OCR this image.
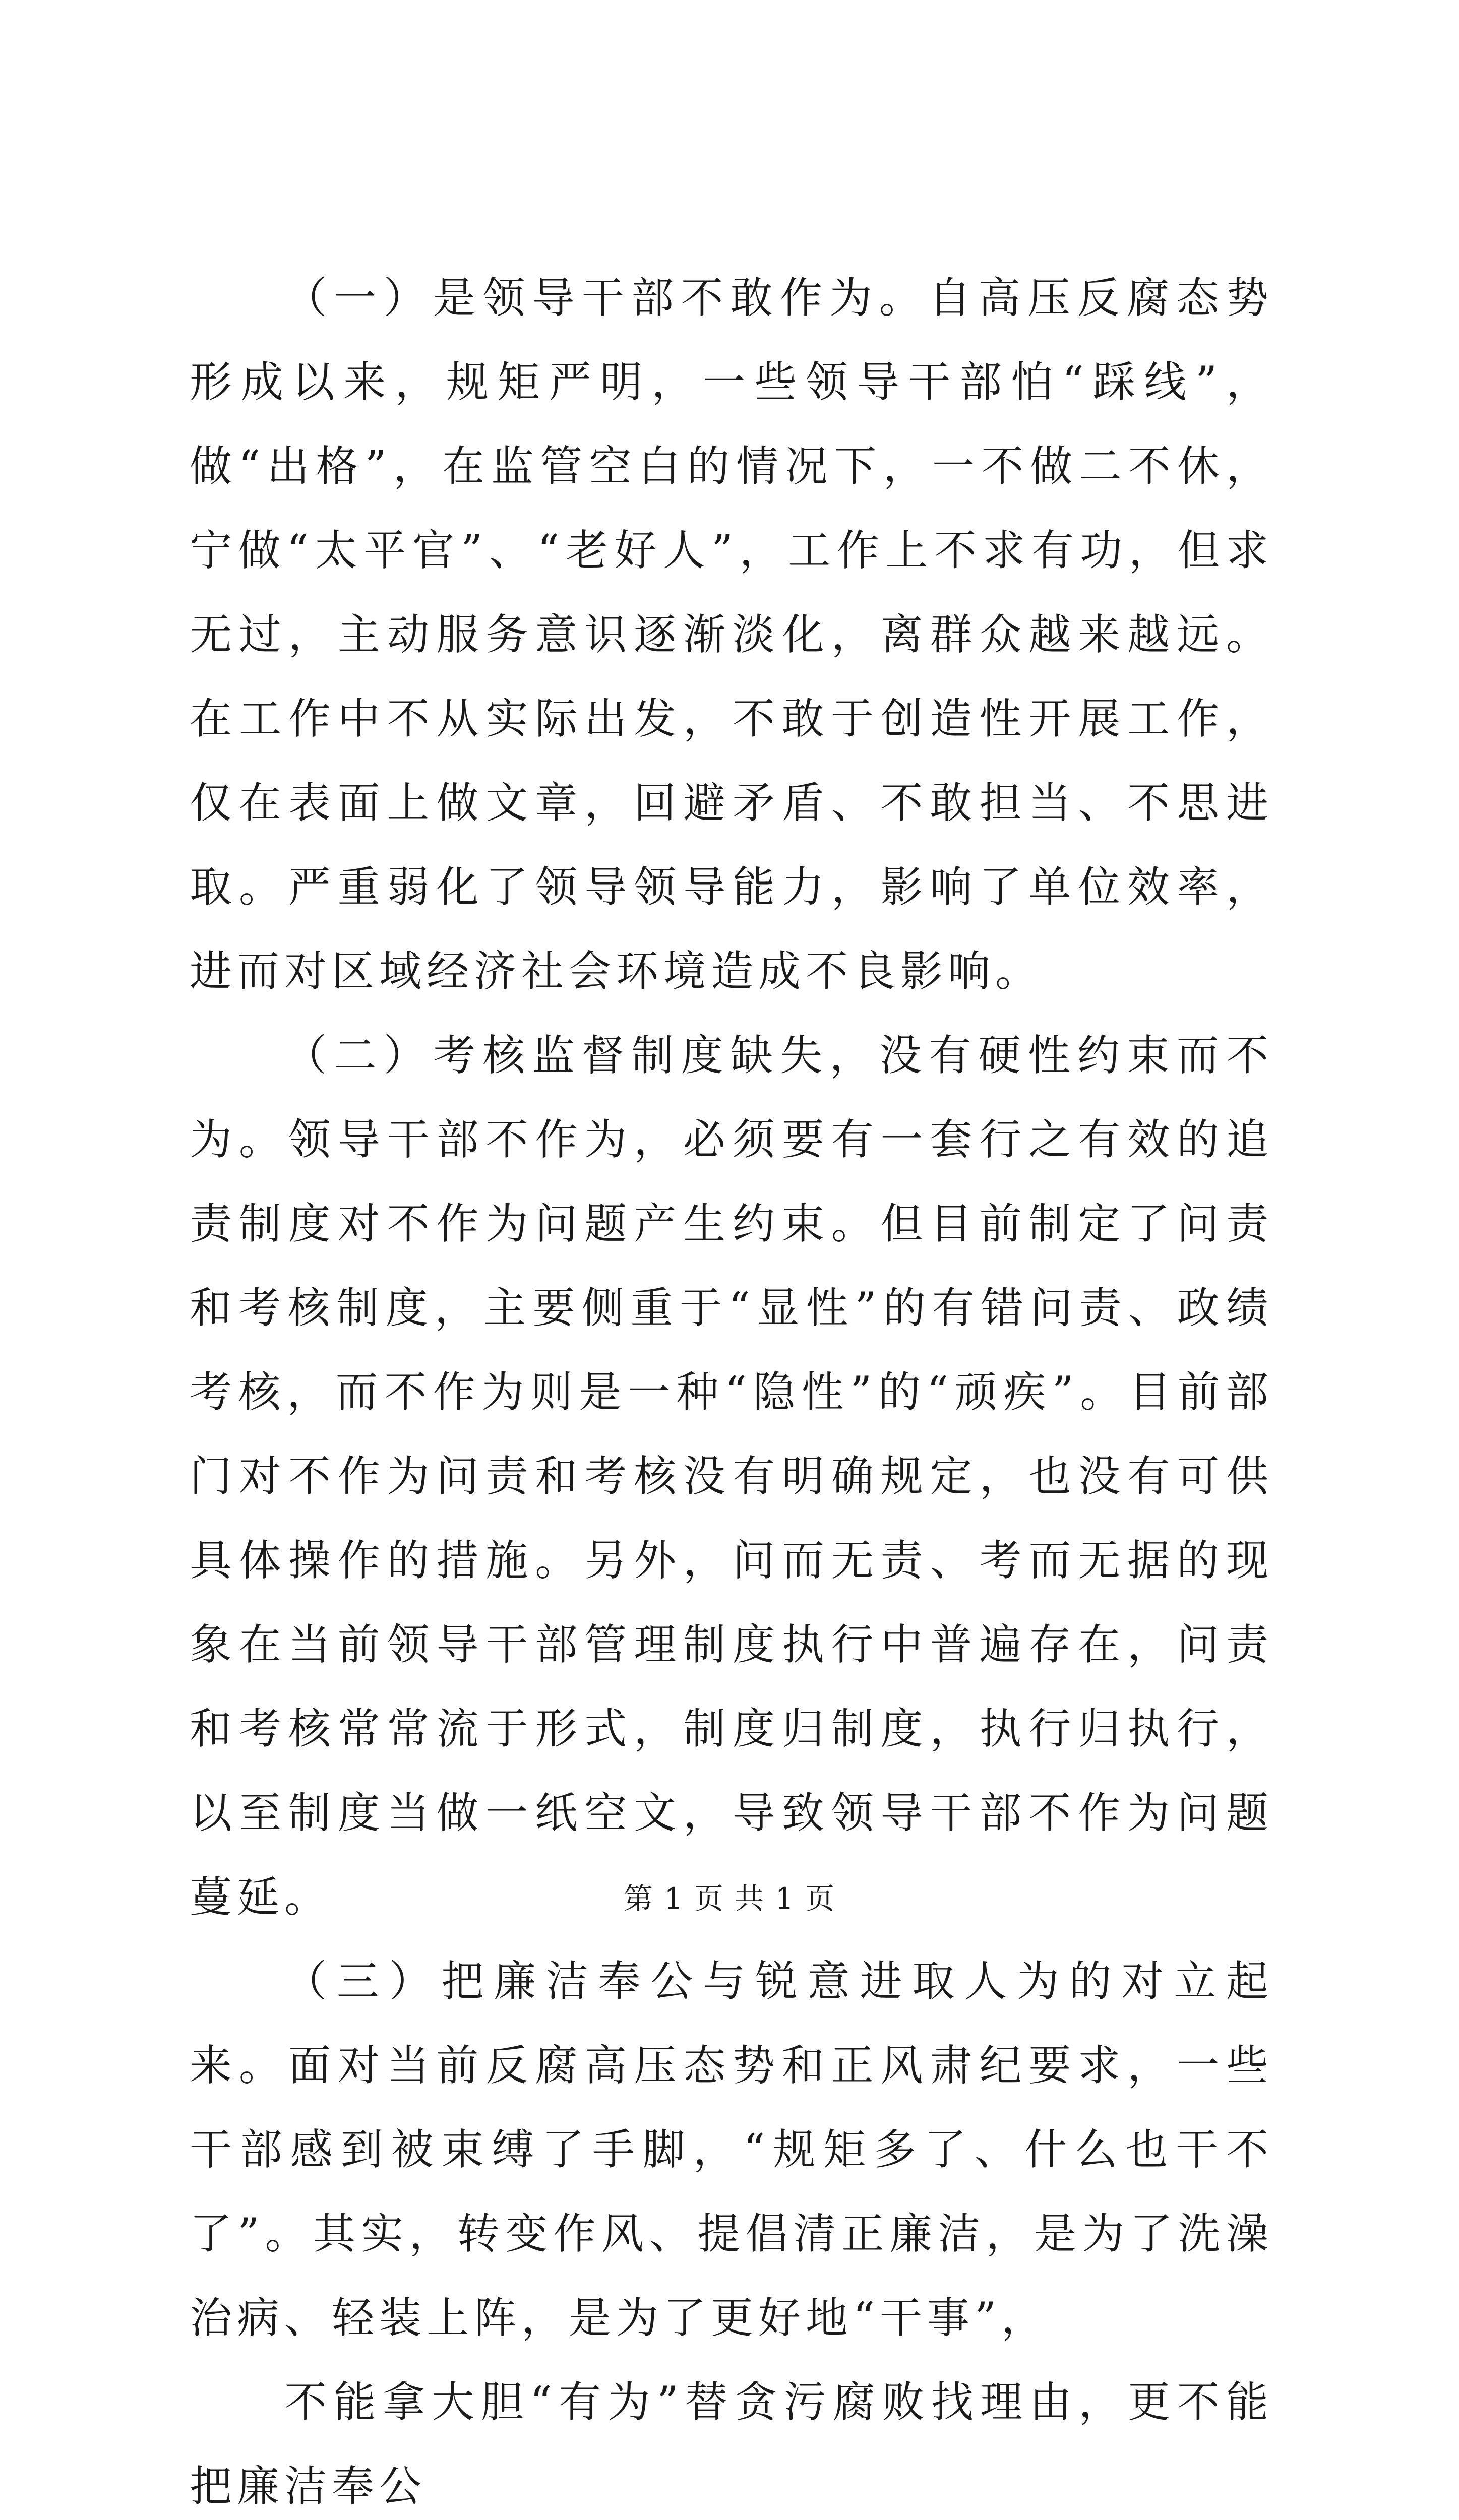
（一）是领导干部不敢作为。自高压反腐态势形成以来，规矩严明，一些领导干部怕“踩线”，做“出格”，在监管空白的情况下，一不做二不休，宁做“太平官”、“老好人”，工作上不求有功，但求无过，主动服务意识逐渐淡化，离群众越来越远。在工作中不从实际出发，不敢于创造性开展工作，仅在表面上做文章，回避矛盾、不敢担当、不思进取。严重弱化了领导领导能力，影响了单位效率，进而对区域经济社会环境造成不良影响。

（二）考核监督制度缺失，没有硬性约束而不为。领导干部不作为，必须要有一套行之有效的追责制度对不作为问题产生约束。但目前制定了问责和考核制度，主要侧重于“显性”的有错问责、政绩考核，而不作为则是一种“隐性”的“顽疾”。目前部门对不作为问责和考核没有明确规定，也没有可供具体操作的措施。另外，问而无责、考而无据的现象在当前领导干部管理制度执行中普遍存在，问责和考核常常流于形式，制度归制度，执行归执行，以至制度当做一纸空文，导致领导干部不作为问题蔓延。

（三）把廉洁奉公与锐意进取人为的对立起来。面对当前反腐高压态势和正风肃纪要求，一些干部感到被束缚了手脚，“规矩多了、什么也干不了”。其实，转变作风、提倡清正廉洁，是为了洗澡治病、轻装上阵，是为了更好地“干事”，

不能拿大胆“有为”替贪污腐败找理由，更不能把廉洁奉公

第 1 页 共 1 页
